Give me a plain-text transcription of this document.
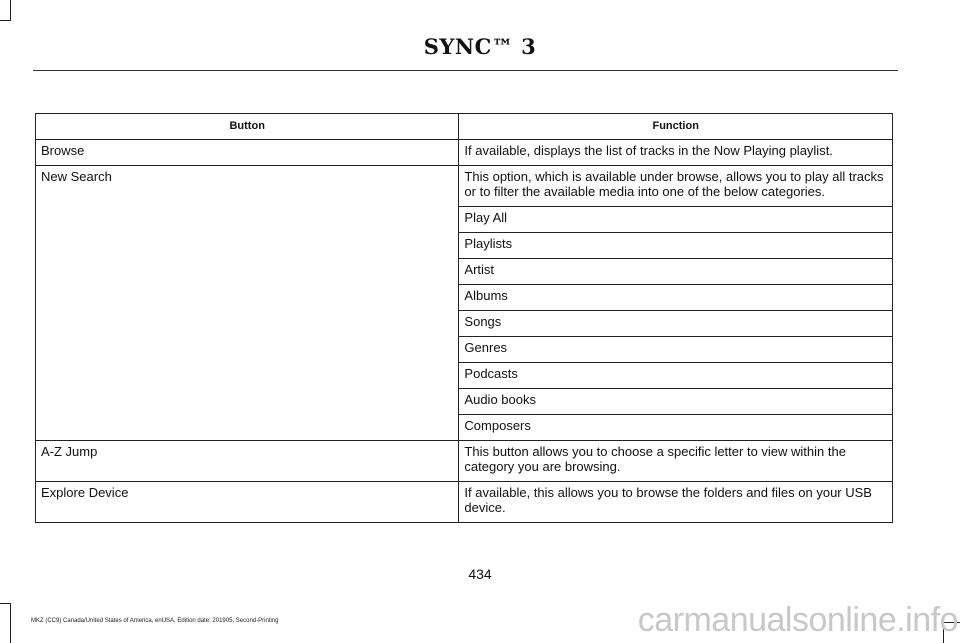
SYNC™ 3
Button	Function
Browse	If available, displays the list of tracks in the Now Playing playlist.
New Search	This option, which is available under browse, allows you to play all tracks or to filter the available media into one of the below categories.
	Play All
	Playlists
	Artist
	Albums
	Songs
	Genres
	Podcasts
	Audio books
	Composers
A-Z Jump	This button allows you to choose a specific letter to view within the category you are browsing.
Explore Device	If available, this allows you to browse the folders and files on your USB device.
434
MKZ (CC9) Canada/United States of America, enUSA, Edition date: 201905, Second-Printing	carmanualsonline.info
